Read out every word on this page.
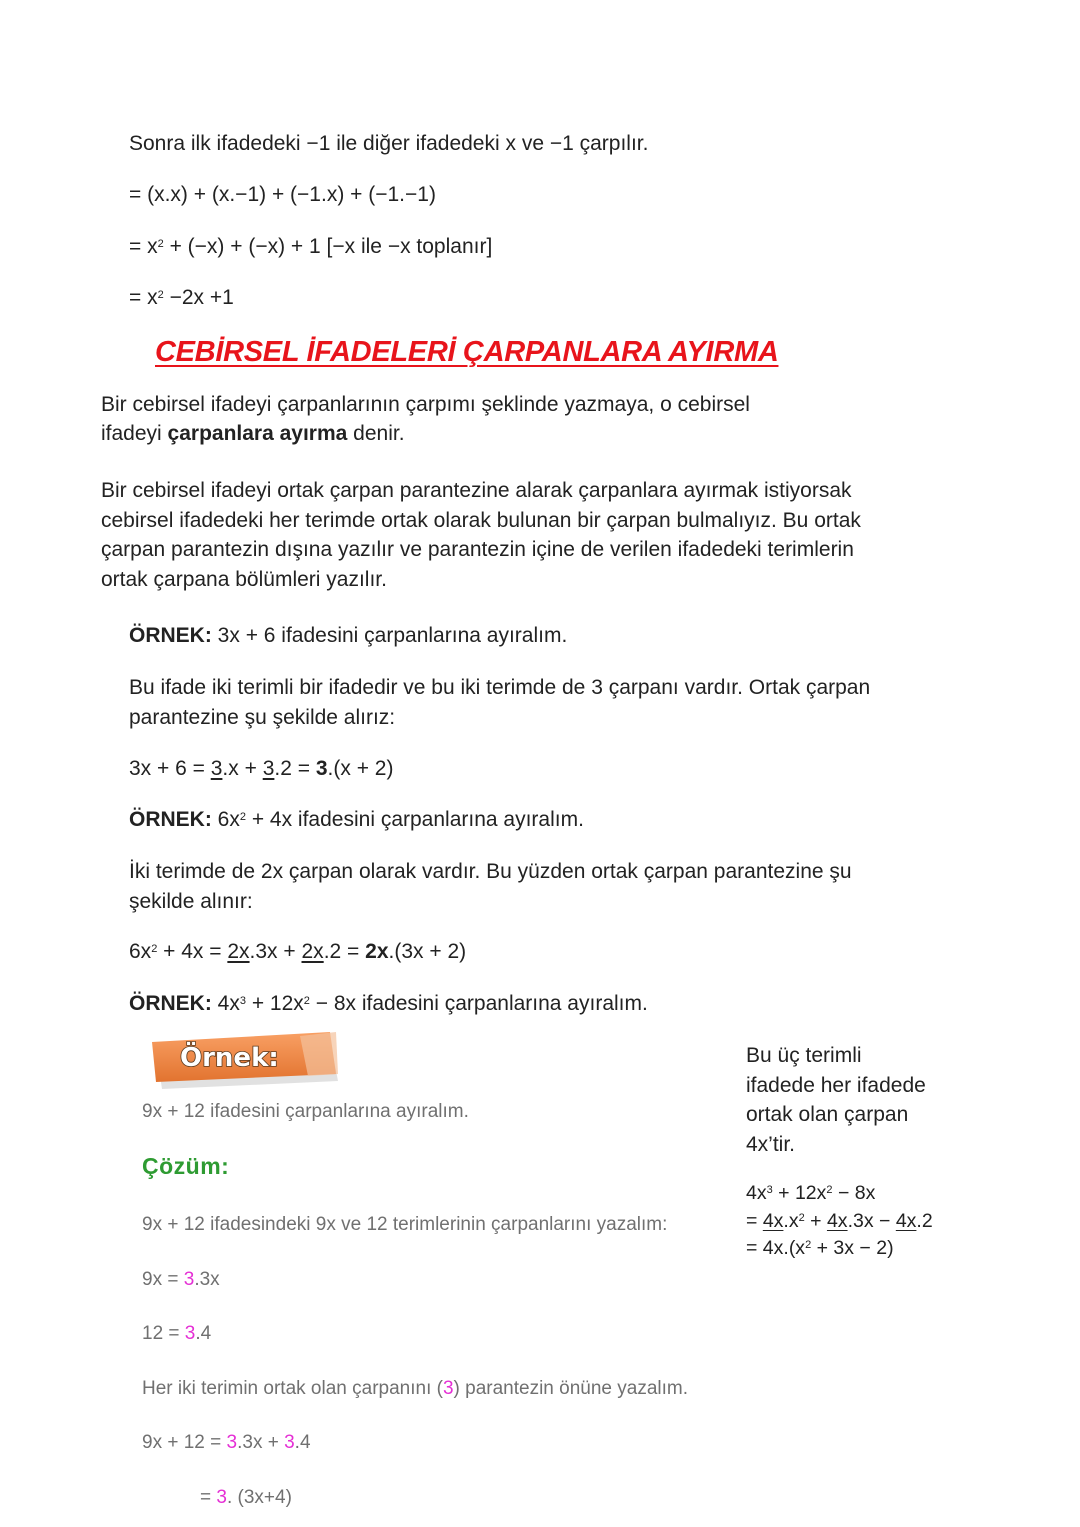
Sonra ilk ifadedeki −1 ile diğer ifadedeki x ve −1 çarpılır.
= (x.x) + (x.−1) + (−1.x) + (−1.−1)
= $x^2 + (-x) + (-x) + 1$ [−x ile −x toplanır]
= $x^2 -2x +1$
CEBİRSEL İFADELERİ ÇARPANLARA AYIRMA
Bir cebirsel ifadeyi çarpanlarının çarpımı şeklinde yazmaya, o cebirsel
ifadeyi çarpanlara ayırma denir.
Bir cebirsel ifadeyi ortak çarpan parantezine alarak çarpanlara ayırmak istiyorsak
cebirsel ifadedeki her terimde ortak olarak bulunan bir çarpan bulmalıyız. Bu ortak
çarpan parantezin dışına yazılır ve parantezin içine de verilen ifadedeki terimlerin
ortak çarpana bölümleri yazılır.
ÖRNEK: 3x + 6 ifadesini çarpanlarına ayıralım.
Bu ifade iki terimli bir ifadedir ve bu iki terimde de 3 çarpanı vardır. Ortak çarpan
parantezine şu şekilde alırız:
3x + 6 = 3.x + 3.2 = 3.(x + 2)
ÖRNEK: $6x^2 + 4x$ ifadesini çarpanlarına ayıralım.
İki terimde de 2x çarpan olarak vardır. Bu yüzden ortak çarpan parantezine şu
şekilde alınır:
$6x^2 + 4x = 2x.3x + 2x.2 = 2x.(3x + 2)$
ÖRNEK: $4x^3 + 12x^2 - 8x$ ifadesini çarpanlarına ayıralım.
Örnek:
9x + 12 ifadesini çarpanlarına ayıralım.
Çözüm:
9x + 12 ifadesindeki 9x ve 12 terimlerinin çarpanlarını yazalım:
9x = 3.3x
12 = 3.4
Her iki terimin ortak olan çarpanını (3) parantezin önüne yazalım.
9x + 12 = 3.3x + 3.4
= 3. (3x+4)
Bu üç terimli
ifadede her ifadede
ortak olan çarpan
4x’tir.
$4x^3 + 12x^2 - 8x$
= $4x.x^2 + 4x.3x - 4x.2$
= $4x.(x^2 + 3x - 2)$
